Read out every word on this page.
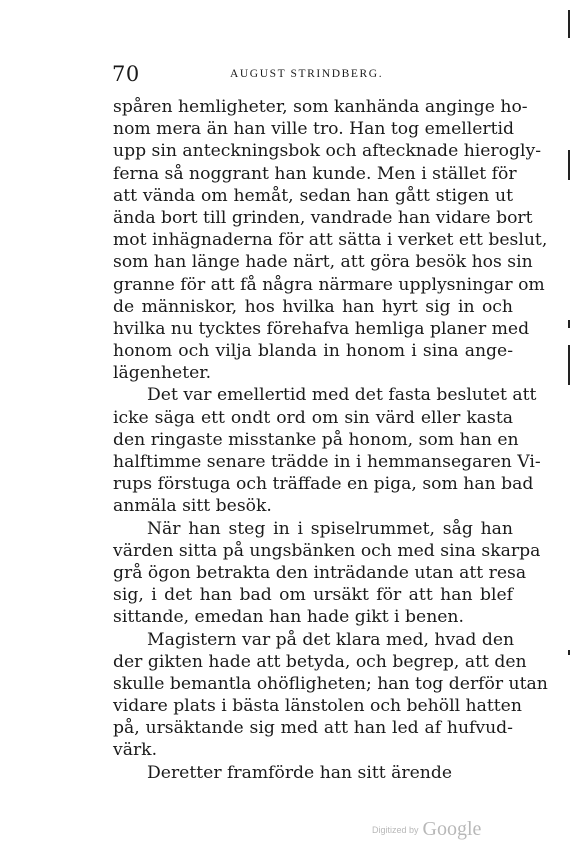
70	AUGUST STRINDBERG.
spåren hemligheter, som kanhända anginge ho-
nom mera än han ville tro. Han tog emellertid
upp sin anteckningsbok och aftecknade hierogly-
ferna så noggrant han kunde. Men i stället för
att vända om hemåt, sedan han gått stigen ut
ända bort till grinden, vandrade han vidare bort
mot inhägnaderna för att sätta i verket ett beslut,
som han länge hade närt, att göra besök hos sin
granne för att få några närmare upplysningar om
de människor, hos hvilka han hyrt sig in och
hvilka nu tycktes förehafva hemliga planer med
honom och vilja blanda in honom i sina ange-
lägenheter.
Det var emellertid med det fasta beslutet att
icke säga ett ondt ord om sin värd eller kasta
den ringaste misstanke på honom, som han en
halftimme senare trädde in i hemmansegaren Vi-
rups förstuga och träffade en piga, som han bad
anmäla sitt besök.
När han steg in i spiselrummet, såg han
värden sitta på ungsbänken och med sina skarpa
grå ögon betrakta den inträdande utan att resa
sig, i det han bad om ursäkt för att han blef
sittande, emedan han hade gikt i benen.
Magistern var på det klara med, hvad den
der gikten hade att betyda, och begrep, att den
skulle bemantla ohöfligheten; han tog derför utan
vidare plats i bästa länstolen och behöll hatten
på, ursäktande sig med att han led af hufvud-
värk.
Deretter framförde han sitt ärende
Digitized by Google
